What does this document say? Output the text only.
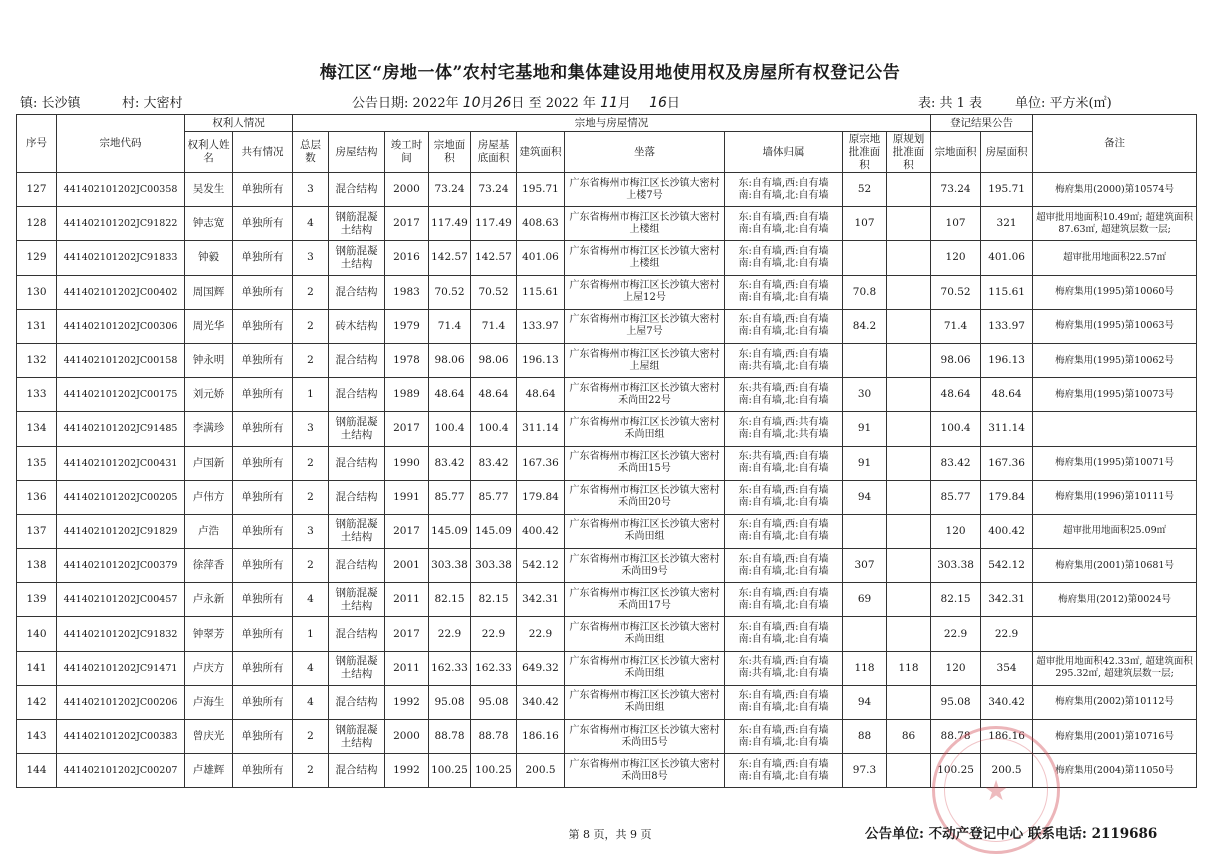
梅江区“房地一体”农村宅基地和集体建设用地使用权及房屋所有权登记公告
镇: 长沙镇	村: 大密村	公告日期: 2022年 10月26日 至 2022 年 11月 16日	表: 共 1 表	单位: 平方米(㎡)
序号	宗地代码	权利人情况		宗地与房屋情况										登记结果公告		备注
		权利人姓名	共有情况	总层数	房屋结构	竣工时间	宗地面积	房屋基底面积	建筑面积	坐落	墙体归属	原宗地批准面积	原规划批准面积	宗地面积	房屋面积	
127	441402101202JC00358	吴发生	单独所有	3	混合结构	2000	73.24	73.24	195.71	广东省梅州市梅江区长沙镇大密村上楼7号	东:自有墙,西:自有墙
南:自有墙,北:自有墙	52		73.24	195.71	梅府集用(2000)第10574号
128	441402101202JC91822	钟志宽	单独所有	4	钢筋混凝土结构	2017	117.49	117.49	408.63	广东省梅州市梅江区长沙镇大密村上楼组	东:自有墙,西:自有墙
南:自有墙,北:自有墙	107		107	321	超审批用地面积10.49㎡; 超建筑面积87.63㎡, 超建筑层数一层;
129	441402101202JC91833	钟毅	单独所有	3	钢筋混凝土结构	2016	142.57	142.57	401.06	广东省梅州市梅江区长沙镇大密村上楼组	东:自有墙,西:自有墙
南:自有墙,北:自有墙			120	401.06	超审批用地面积22.57㎡
130	441402101202JC00402	周国辉	单独所有	2	混合结构	1983	70.52	70.52	115.61	广东省梅州市梅江区长沙镇大密村上屋12号	东:自有墙,西:自有墙
南:自有墙,北:自有墙	70.8		70.52	115.61	梅府集用(1995)第10060号
131	441402101202JC00306	周光华	单独所有	2	砖木结构	1979	71.4	71.4	133.97	广东省梅州市梅江区长沙镇大密村上屋7号	东:自有墙,西:自有墙
南:自有墙,北:自有墙	84.2		71.4	133.97	梅府集用(1995)第10063号
132	441402101202JC00158	钟永明	单独所有	2	混合结构	1978	98.06	98.06	196.13	广东省梅州市梅江区长沙镇大密村上屋组	东:自有墙,西:自有墙
南:共有墙,北:自有墙			98.06	196.13	梅府集用(1995)第10062号
133	441402101202JC00175	刘元娇	单独所有	1	混合结构	1989	48.64	48.64	48.64	广东省梅州市梅江区长沙镇大密村禾尚田22号	东:共有墙,西:自有墙
南:自有墙,北:自有墙	30		48.64	48.64	梅府集用(1995)第10073号
134	441402101202JC91485	李满珍	单独所有	3	钢筋混凝土结构	2017	100.4	100.4	311.14	广东省梅州市梅江区长沙镇大密村禾尚田组	东:自有墙,西:共有墙
南:自有墙,北:共有墙	91		100.4	311.14	
135	441402101202JC00431	卢国新	单独所有	2	混合结构	1990	83.42	83.42	167.36	广东省梅州市梅江区长沙镇大密村禾尚田15号	东:共有墙,西:自有墙
南:自有墙,北:自有墙	91		83.42	167.36	梅府集用(1995)第10071号
136	441402101202JC00205	卢伟方	单独所有	2	混合结构	1991	85.77	85.77	179.84	广东省梅州市梅江区长沙镇大密村禾尚田20号	东:自有墙,西:自有墙
南:自有墙,北:自有墙	94		85.77	179.84	梅府集用(1996)第10111号
137	441402101202JC91829	卢浩	单独所有	3	钢筋混凝土结构	2017	145.09	145.09	400.42	广东省梅州市梅江区长沙镇大密村禾尚田组	东:自有墙,西:自有墙
南:自有墙,北:自有墙			120	400.42	超审批用地面积25.09㎡
138	441402101202JC00379	徐萍香	单独所有	2	混合结构	2001	303.38	303.38	542.12	广东省梅州市梅江区长沙镇大密村禾尚田9号	东:自有墙,西:自有墙
南:自有墙,北:自有墙	307		303.38	542.12	梅府集用(2001)第10681号
139	441402101202JC00457	卢永新	单独所有	4	钢筋混凝土结构	2011	82.15	82.15	342.31	广东省梅州市梅江区长沙镇大密村禾尚田17号	东:自有墙,西:自有墙
南:自有墙,北:自有墙	69		82.15	342.31	梅府集用(2012)第0024号
140	441402101202JC91832	钟翠芳	单独所有	1	混合结构	2017	22.9	22.9	22.9	广东省梅州市梅江区长沙镇大密村禾尚田组	东:自有墙,西:自有墙
南:自有墙,北:自有墙			22.9	22.9	
141	441402101202JC91471	卢庆方	单独所有	4	钢筋混凝土结构	2011	162.33	162.33	649.32	广东省梅州市梅江区长沙镇大密村禾尚田组	东:共有墙,西:自有墙
南:共有墙,北:自有墙	118	118	120	354	超审批用地面积42.33㎡, 超建筑面积295.32㎡, 超建筑层数一层;
142	441402101202JC00206	卢海生	单独所有	4	混合结构	1992	95.08	95.08	340.42	广东省梅州市梅江区长沙镇大密村禾尚田组	东:自有墙,西:自有墙
南:自有墙,北:自有墙	94		95.08	340.42	梅府集用(2002)第10112号
143	441402101202JC00383	曾庆光	单独所有	2	钢筋混凝土结构	2000	88.78	88.78	186.16	广东省梅州市梅江区长沙镇大密村禾尚田5号	东:自有墙,西:自有墙
南:自有墙,北:自有墙	88	86	88.78	186.16	梅府集用(2001)第10716号
144	441402101202JC00207	卢雄辉	单独所有	2	混合结构	1992	100.25	100.25	200.5	广东省梅州市梅江区长沙镇大密村禾尚田8号	东:自有墙,西:自有墙
南:自有墙,北:自有墙	97.3		100.25	200.5	梅府集用(2004)第11050号
★
第 8 页，共 9 页	公告单位: 不动产登记中心 联系电话: 2119686
